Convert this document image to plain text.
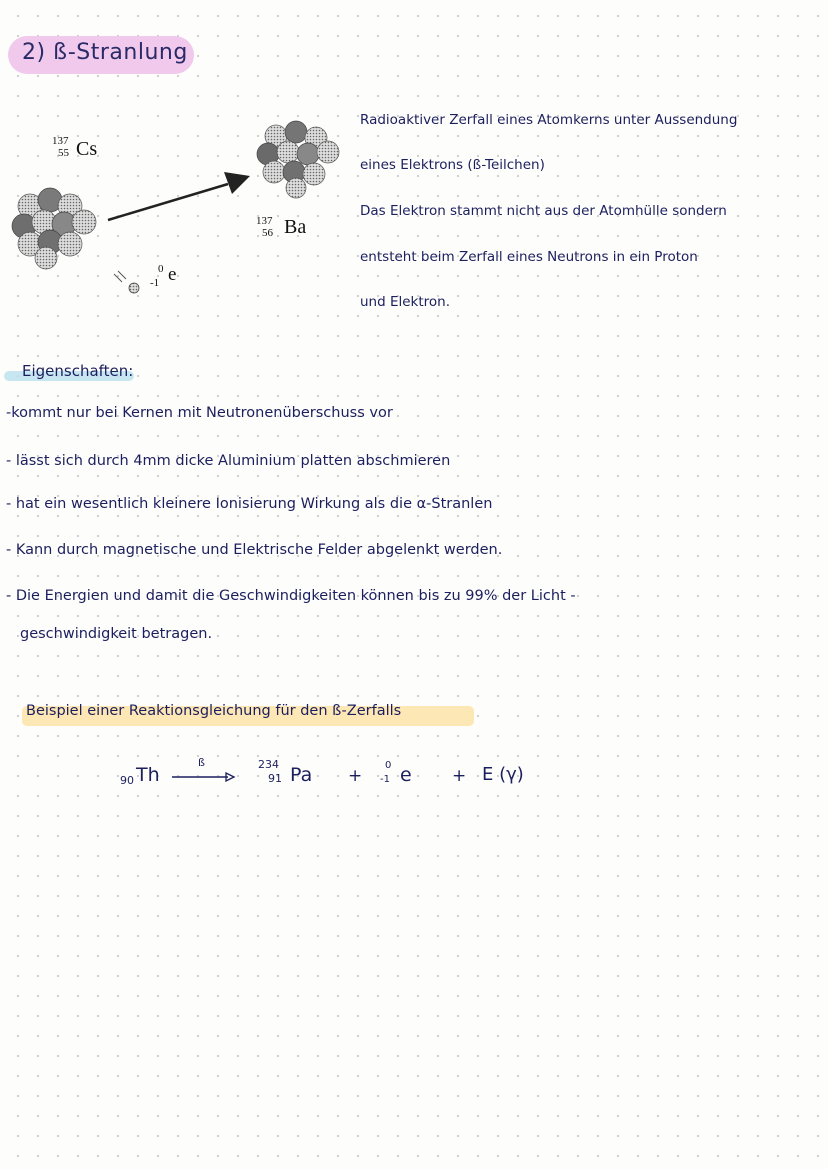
2) ß-Stranlung
137
55 Cs
137
56 Ba
0
-1 e
Radioaktiver Zerfall eines Atomkerns unter Aussendung
eines Elektrons (ß-Teilchen)
Das Elektron stammt nicht aus der Atomhülle sondern
entsteht beim Zerfall eines Neutrons in ein Proton
und Elektron.
Eigenschaften:
-kommt nur bei Kernen mit Neutronenüberschuss vor
- lässt sich durch 4mm dicke Aluminium platten abschmieren
- hat ein wesentlich kleinere Ionisierung Wirkung als die α-Stranlen
- Kann durch magnetische und Elektrische Felder abgelenkt werden.
- Die Energien und damit die Geschwindigkeiten können bis zu 99% der Licht -
geschwindigkeit betragen.
Beispiel einer Reaktionsgleichung für den ß-Zerfalls
90 Th
ß	234
91 Pa +
0
-1 e + E (γ)
